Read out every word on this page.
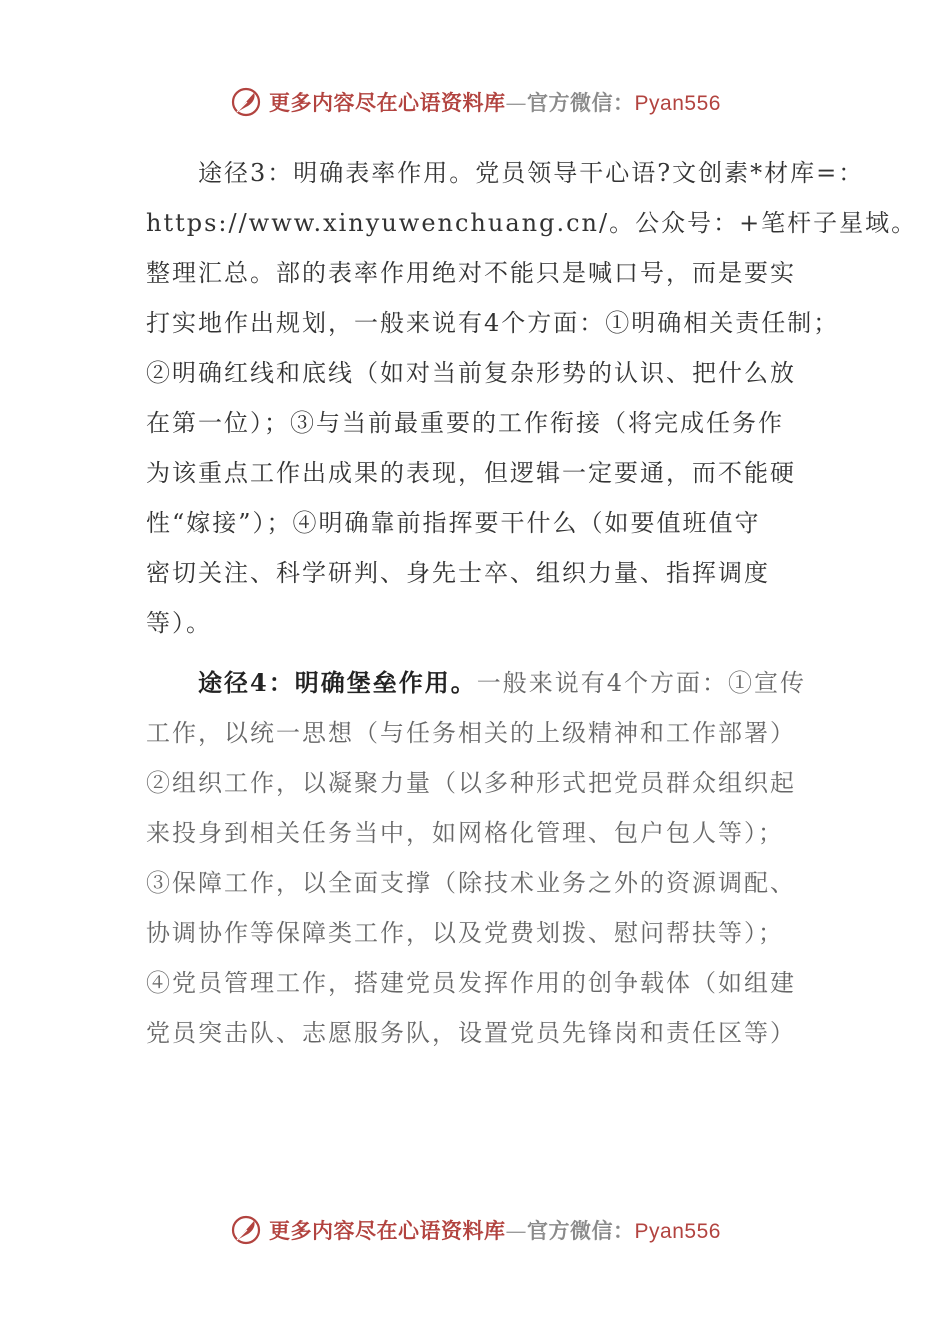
更多内容尽在心语资料库—官方微信：Pyan556
　　途径3：明确表率作用。党员领导干心语?文创素*材库=：
https://www.xinyuwenchuang.cn/。公众号：+笔杆子星域。
整理汇总。部的表率作用绝对不能只是喊口号，而是要实
打实地作出规划，一般来说有4个方面：①明确相关责任制；
②明确红线和底线（如对当前复杂形势的认识、把什么放
在第一位）；③与当前最重要的工作衔接（将完成任务作
为该重点工作出成果的表现，但逻辑一定要通，而不能硬
性“嫁接”）；④明确靠前指挥要干什么（如要值班值守
密切关注、科学研判、身先士卒、组织力量、指挥调度
等）。
　　途径4：明确堡垒作用。一般来说有4个方面：①宣传
工作，以统一思想（与任务相关的上级精神和工作部署）
②组织工作，以凝聚力量（以多种形式把党员群众组织起
来投身到相关任务当中，如网格化管理、包户包人等）；
③保障工作，以全面支撑（除技术业务之外的资源调配、
协调协作等保障类工作，以及党费划拨、慰问帮扶等）；
④党员管理工作，搭建党员发挥作用的创争载体（如组建
党员突击队、志愿服务队，设置党员先锋岗和责任区等）
更多内容尽在心语资料库—官方微信：Pyan556
